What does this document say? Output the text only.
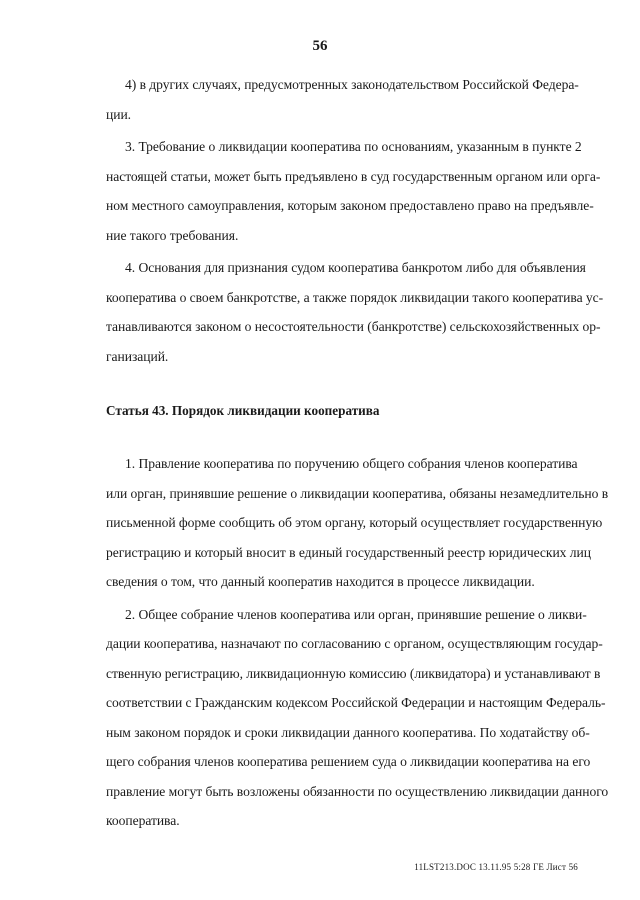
56
4) в других случаях, предусмотренных законодательством Российской Федера-
ции.
3. Требование о ликвидации кооператива по основаниям, указанным в пункте 2
настоящей статьи, может быть предъявлено в суд государственным органом или орга-
ном местного самоуправления, которым законом предоставлено право на предъявле-
ние такого требования.
4. Основания для признания судом кооператива банкротом либо для объявления
кооператива о своем банкротстве, а также порядок ликвидации такого кооператива ус-
танавливаются законом о несостоятельности (банкротстве) сельскохозяйственных ор-
ганизаций.
Статья 43. Порядок ликвидации кооператива
1. Правление кооператива по поручению общего собрания членов кооператива
или орган, принявшие решение о ликвидации кооператива, обязаны незамедлительно в
письменной форме сообщить об этом органу, который осуществляет государственную
регистрацию и который вносит в единый государственный реестр юридических лиц
сведения о том, что данный кооператив находится в процессе ликвидации.
2. Общее собрание членов кооператива или орган, принявшие решение о ликви-
дации кооператива, назначают по согласованию с органом, осуществляющим государ-
ственную регистрацию, ликвидационную комиссию (ликвидатора) и устанавливают в
соответствии с Гражданским кодексом Российской Федерации и настоящим Федераль-
ным законом порядок и сроки ликвидации данного кооператива. По ходатайству об-
щего собрания членов кооператива решением суда о ликвидации кооператива на его
правление могут быть возложены обязанности по осуществлению ликвидации данного
кооператива.
11LST213.DOC 13.11.95 5:28 ГЕ Лист 56
